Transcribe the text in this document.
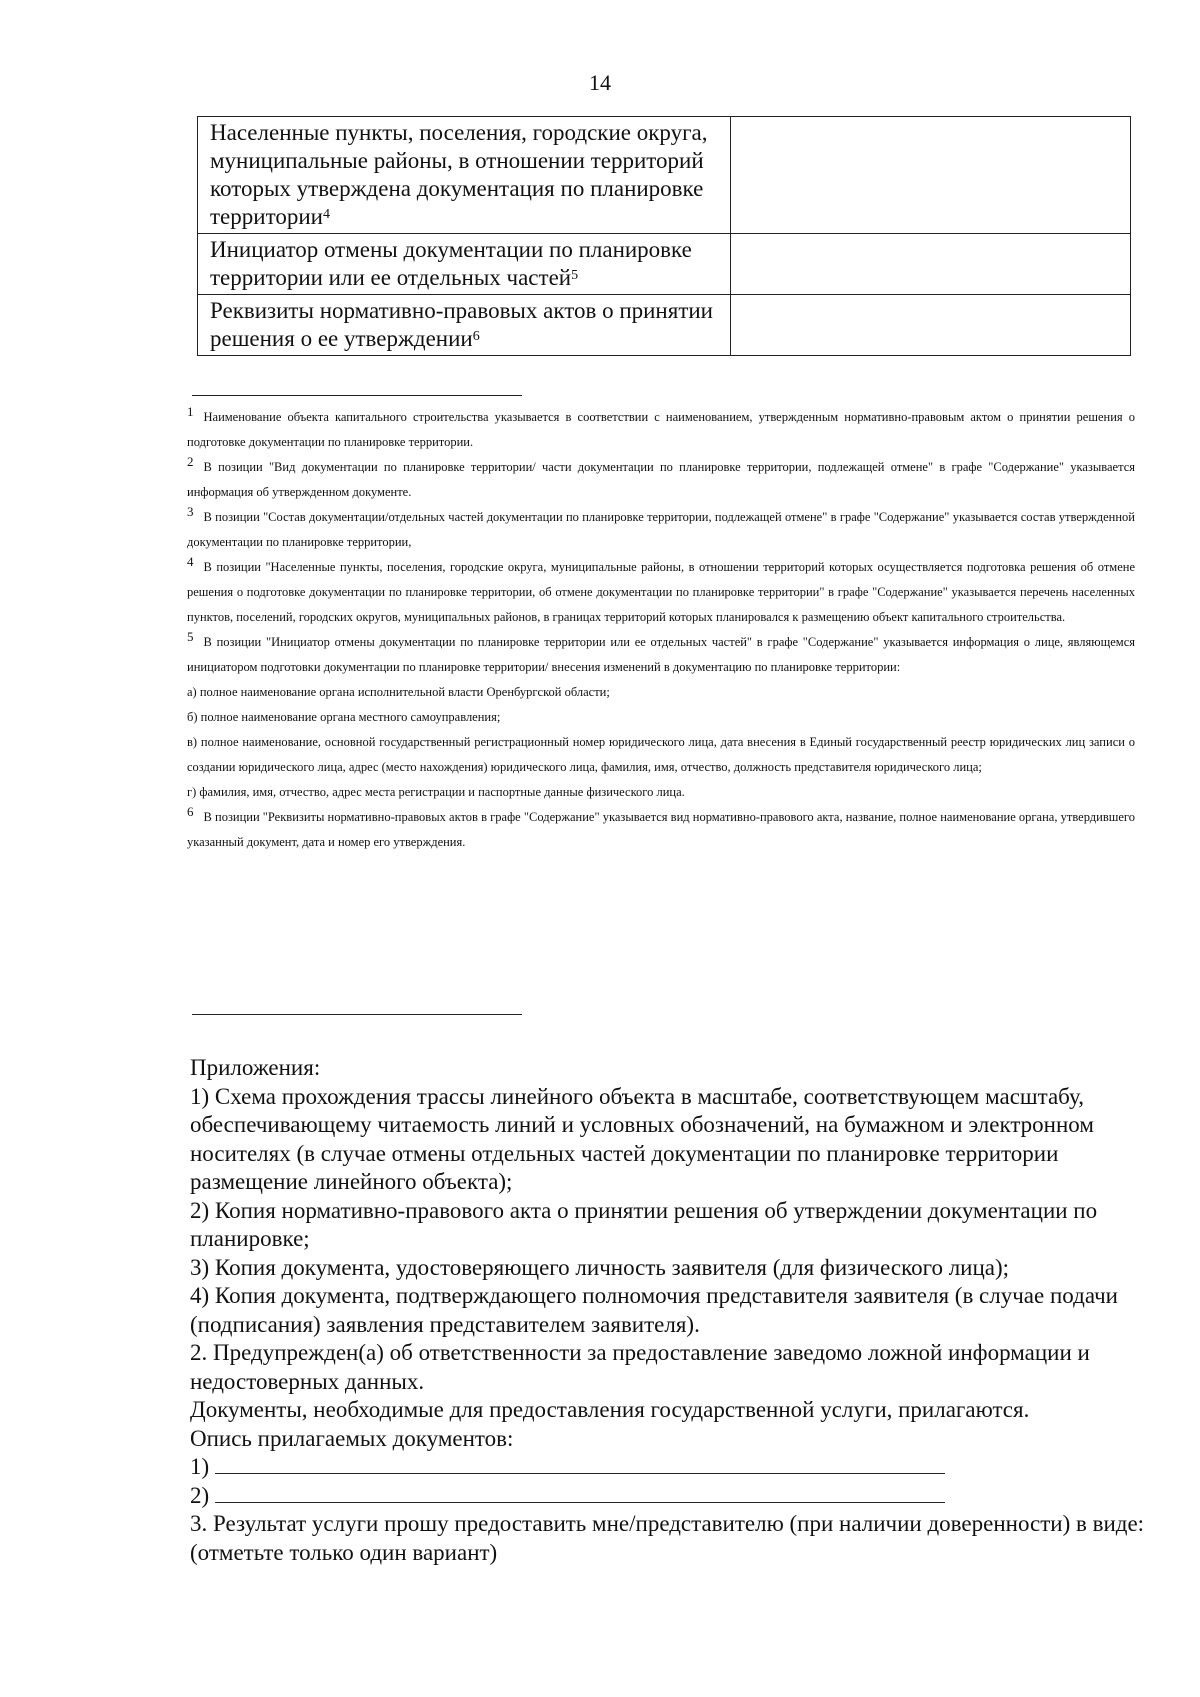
14
Населенные пункты, поселения, городские округа, муниципальные районы, в отношении территорий которых утверждена документация по планировке территории$^4$	
Инициатор отмены документации по планировке территории или ее отдельных частей$^5$	
Реквизиты нормативно-правовых актов о принятии решения о ее утверждении$^6$	

1 Наименование объекта капитального строительства указывается в соответствии с наименованием, утвержденным нормативно-правовым актом о принятии решения о подготовке документации по планировке территории.

2 В позиции "Вид документации по планировке территории/ части документации по планировке территории, подлежащей отмене" в графе "Содержание" указывается информация об утвержденном документе.

3 В позиции "Состав документации/отдельных частей документации по планировке территории, подлежащей отмене" в графе "Содержание" указывается состав утвержденной документации по планировке территории,

4 В позиции "Населенные пункты, поселения, городские округа, муниципальные районы, в отношении территорий которых осуществляется подготовка решения об отмене решения о подготовке документации по планировке территории, об отмене документации по планировке территории" в графе "Содержание" указывается перечень населенных пунктов, поселений, городских округов, муниципальных районов, в границах территорий которых планировался к размещению объект капитального строительства.

5 В позиции "Инициатор отмены документации по планировке территории или ее отдельных частей" в графе "Содержание" указывается информация о лице, являющемся инициатором подготовки документации по планировке территории/ внесения изменений в документацию по планировке территории:

а) полное наименование органа исполнительной власти Оренбургской области;

б) полное наименование органа местного самоуправления;

в) полное наименование, основной государственный регистрационный номер юридического лица, дата внесения в Единый государственный реестр юридических лиц записи о создании юридического лица, адрес (место нахождения) юридического лица, фамилия, имя, отчество, должность представителя юридического лица;

г) фамилия, имя, отчество, адрес места регистрации и паспортные данные физического лица.

6 В позиции "Реквизиты нормативно-правовых актов в графе "Содержание" указывается вид нормативно-правового акта, название, полное наименование органа, утвердившего указанный документ, дата и номер его утверждения.

Приложения:

1) Схема прохождения трассы линейного объекта в масштабе, соответствующем масштабу, обеспечивающему читаемость линий и условных обозначений, на бумажном и электронном носителях (в случае отмены отдельных частей документации по планировке территории размещение линейного объекта);

2) Копия нормативно-правового акта о принятии решения об утверждении документации по планировке;

3) Копия документа, удостоверяющего личность заявителя (для физического лица);

4) Копия документа, подтверждающего полномочия представителя заявителя (в случае подачи (подписания) заявления представителем заявителя).

2. Предупрежден(а) об ответственности за предоставление заведомо ложной информации и недостоверных данных.

Документы, необходимые для предоставления государственной услуги, прилагаются.

Опись прилагаемых документов:

1)

2)

3. Результат услуги прошу предоставить мне/представителю (при наличии доверенности) в виде: (отметьте только один вариант)
